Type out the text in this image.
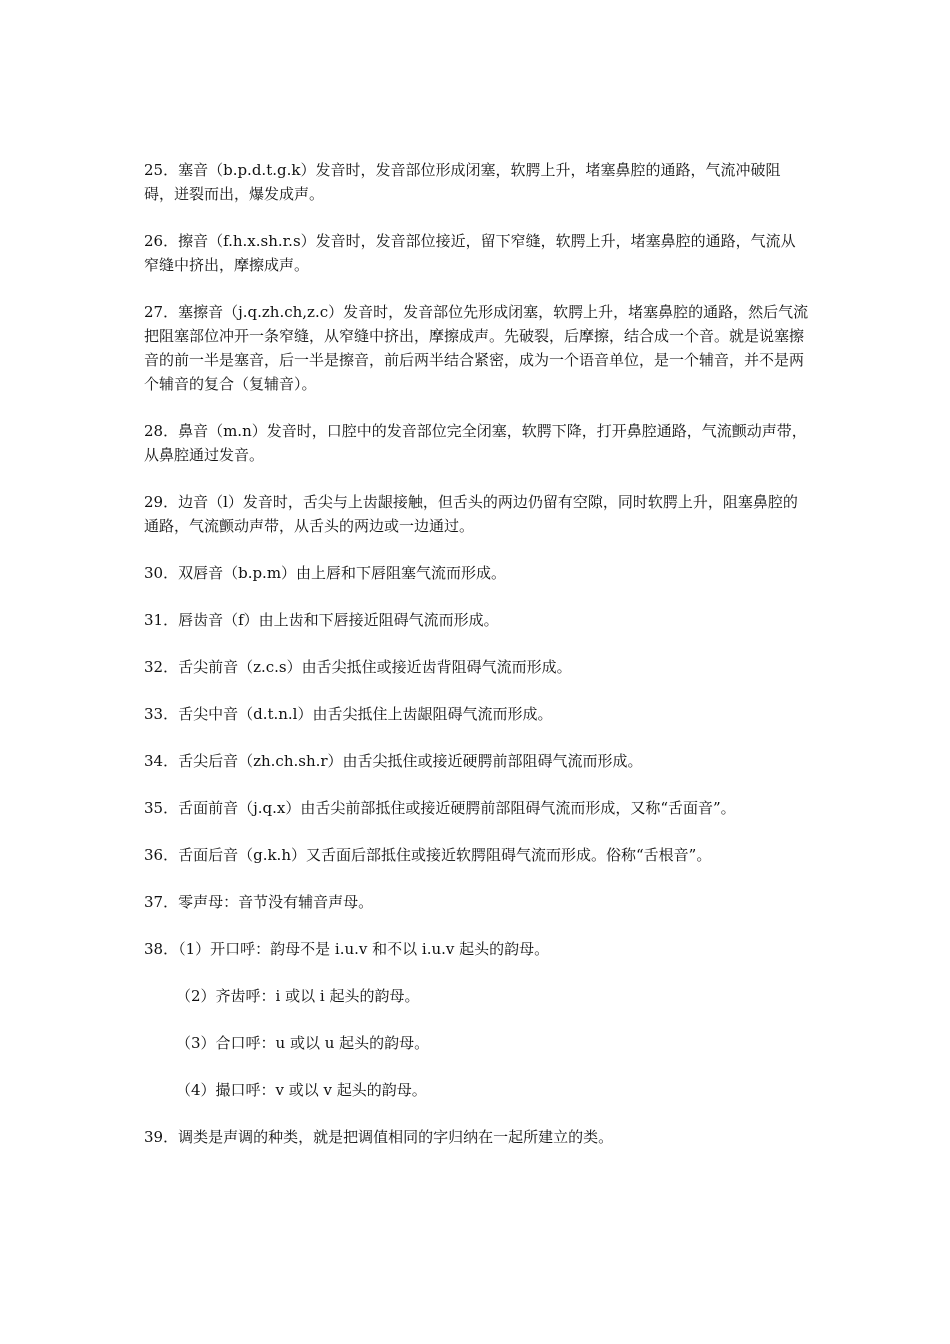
25．塞音（b.p.d.t.g.k）发音时，发音部位形成闭塞，软腭上升，堵塞鼻腔的通路，气流冲破阻碍，迸裂而出，爆发成声。

26．擦音（f.h.x.sh.r.s）发音时，发音部位接近，留下窄缝，软腭上升，堵塞鼻腔的通路，气流从窄缝中挤出，摩擦成声。

27．塞擦音（j.q.zh.ch,z.c）发音时，发音部位先形成闭塞，软腭上升，堵塞鼻腔的通路，然后气流把阻塞部位冲开一条窄缝，从窄缝中挤出，摩擦成声。先破裂，后摩擦，结合成一个音。就是说塞擦音的前一半是塞音，后一半是擦音，前后两半结合紧密，成为一个语音单位，是一个辅音，并不是两个辅音的复合（复辅音）。

28．鼻音（m.n）发音时，口腔中的发音部位完全闭塞，软腭下降，打开鼻腔通路，气流颤动声带，从鼻腔通过发音。

29．边音（l）发音时，舌尖与上齿龈接触，但舌头的两边仍留有空隙，同时软腭上升，阻塞鼻腔的通路，气流颤动声带，从舌头的两边或一边通过。

30．双唇音（b.p.m）由上唇和下唇阻塞气流而形成。

31．唇齿音（f）由上齿和下唇接近阻碍气流而形成。

32．舌尖前音（z.c.s）由舌尖抵住或接近齿背阻碍气流而形成。

33．舌尖中音（d.t.n.l）由舌尖抵住上齿龈阻碍气流而形成。

34．舌尖后音（zh.ch.sh.r）由舌尖抵住或接近硬腭前部阻碍气流而形成。

35．舌面前音（j.q.x）由舌尖前部抵住或接近硬腭前部阻碍气流而形成，又称“舌面音”。

36．舌面后音（g.k.h）又舌面后部抵住或接近软腭阻碍气流而形成。俗称“舌根音”。

37．零声母：音节没有辅音声母。

38．（1）开口呼：韵母不是 i.u.v 和不以 i.u.v 起头的韵母。

（2）齐齿呼：i 或以 i 起头的韵母。

（3）合口呼：u 或以 u 起头的韵母。

（4）撮口呼：v 或以 v 起头的韵母。

39．调类是声调的种类，就是把调值相同的字归纳在一起所建立的类。
